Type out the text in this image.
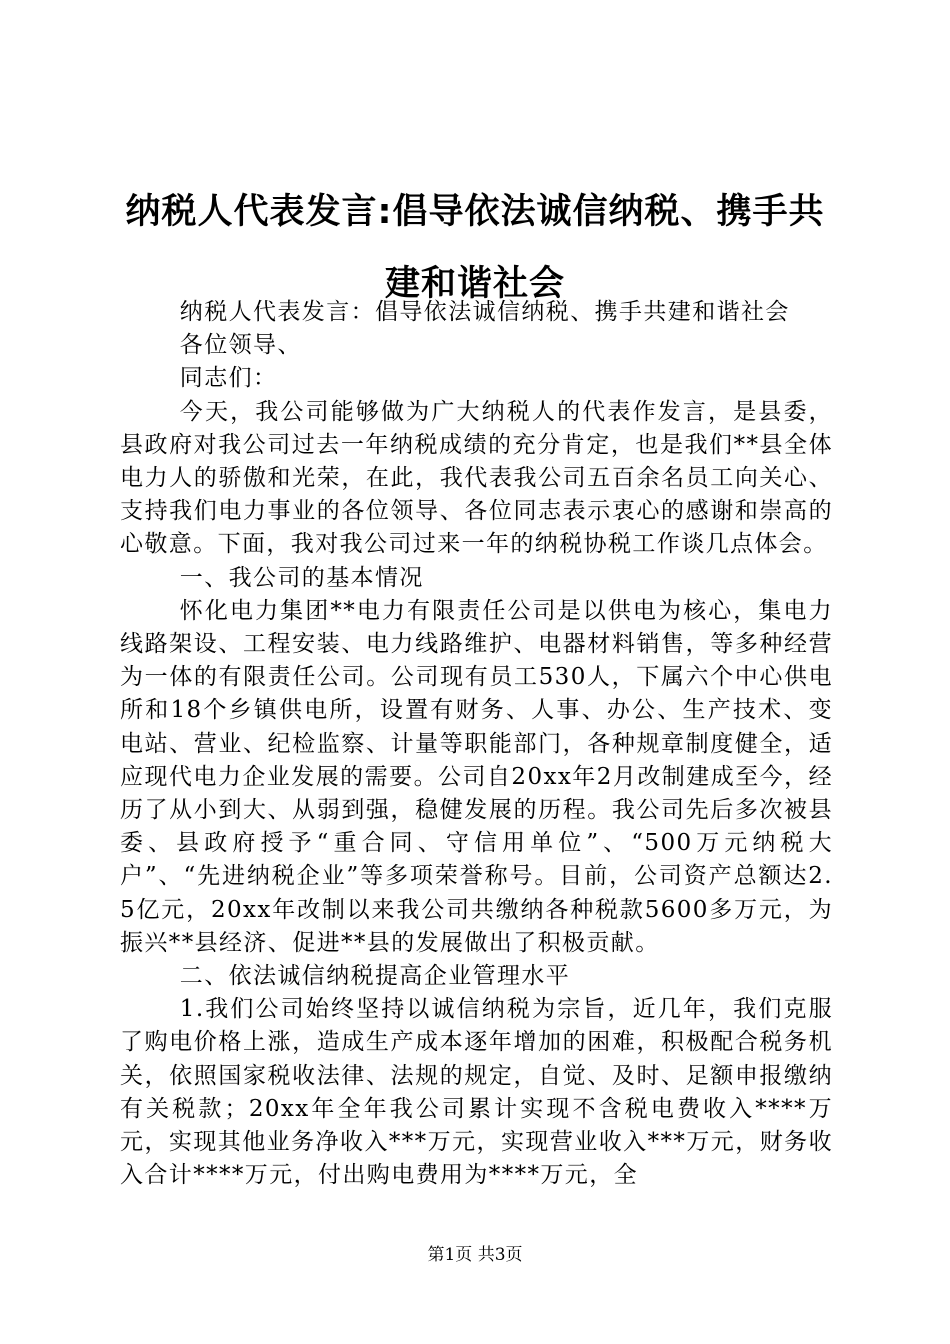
纳税人代表发言:倡导依法诚信纳税、携手共建和谐社会

纳税人代表发言：倡导依法诚信纳税、携手共建和谐社会

各位领导、

同志们：

今天，我公司能够做为广大纳税人的代表作发言，是县委，县政府对我公司过去一年纳税成绩的充分肯定，也是我们**县全体电力人的骄傲和光荣，在此，我代表我公司五百余名员工向关心、支持我们电力事业的各位领导、各位同志表示衷心的感谢和崇高的心敬意。下面，我对我公司过来一年的纳税协税工作谈几点体会。

一、我公司的基本情况

怀化电力集团**电力有限责任公司是以供电为核心，集电力线路架设、工程安装、电力线路维护、电器材料销售，等多种经营为一体的有限责任公司。公司现有员工530人，下属六个中心供电所和18个乡镇供电所，设置有财务、人事、办公、生产技术、变电站、营业、纪检监察、计量等职能部门，各种规章制度健全，适应现代电力企业发展的需要。公司自20xx年2月改制建成至今，经历了从小到大、从弱到强，稳健发展的历程。我公司先后多次被县委、县政府授予“重合同、守信用单位”、“500万元纳税大户”、“先进纳税企业”等多项荣誉称号。目前，公司资产总额达2.5亿元，20xx年改制以来我公司共缴纳各种税款5600多万元，为振兴**县经济、促进**县的发展做出了积极贡献。

二、依法诚信纳税提高企业管理水平

1.我们公司始终坚持以诚信纳税为宗旨，近几年，我们克服了购电价格上涨，造成生产成本逐年增加的困难，积极配合税务机关，依照国家税收法律、法规的规定，自觉、及时、足额申报缴纳有关税款；20xx年全年我公司累计实现不含税电费收入****万元，实现其他业务净收入***万元，实现营业收入***万元，财务收入合计****万元，付出购电费用为****万元，全

第1页 共3页
